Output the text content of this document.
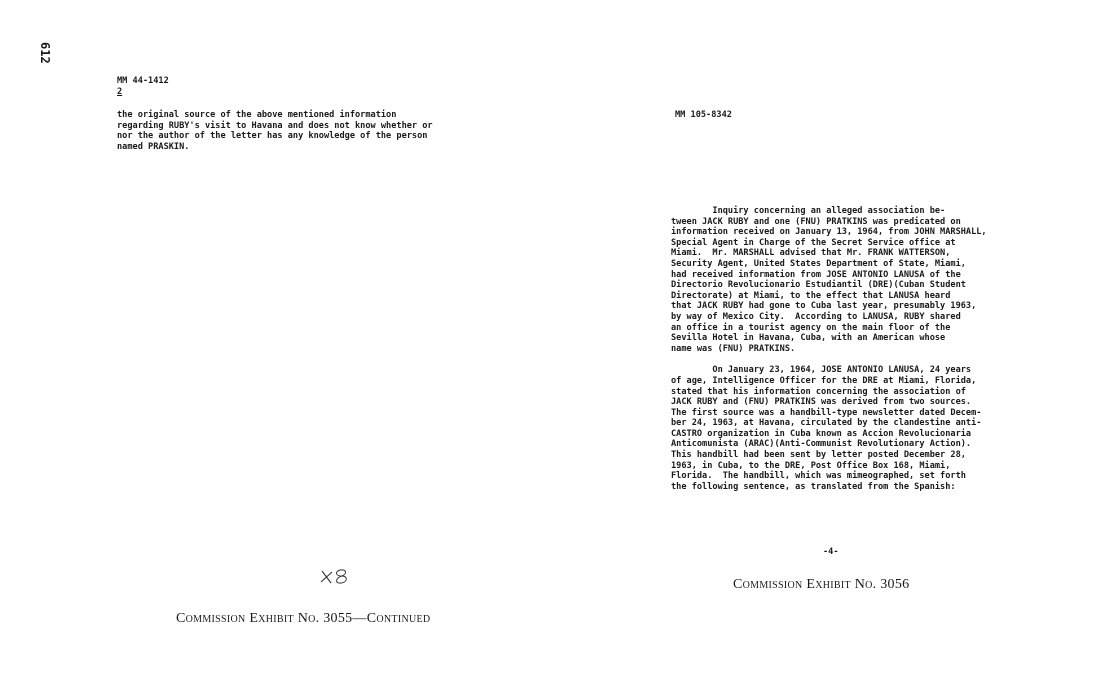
612
MM 44-1412
2
the original source of the above mentioned information
regarding RUBY's visit to Havana and does not know whether or
nor the author of the letter has any knowledge of the person
named PRASKIN.
Commission Exhibit No. 3055—Continued
MM 105-8342

Inquiry concerning an alleged association be-
tween JACK RUBY and one (FNU) PRATKINS was predicated on
information received on January 13, 1964, from JOHN MARSHALL,
Special Agent in Charge of the Secret Service office at
Miami.  Mr. MARSHALL advised that Mr. FRANK WATTERSON,
Security Agent, United States Department of State, Miami,
had received information from JOSE ANTONIO LANUSA of the
Directorio Revolucionario Estudiantil (DRE)(Cuban Student
Directorate) at Miami, to the effect that LANUSA heard
that JACK RUBY had gone to Cuba last year, presumably 1963,
by way of Mexico City.  According to LANUSA, RUBY shared
an office in a tourist agency on the main floor of the
Sevilla Hotel in Havana, Cuba, with an American whose
name was (FNU) PRATKINS.

On January 23, 1964, JOSE ANTONIO LANUSA, 24 years
of age, Intelligence Officer for the DRE at Miami, Florida,
stated that his information concerning the association of
JACK RUBY and (FNU) PRATKINS was derived from two sources.
The first source was a handbill-type newsletter dated Decem-
ber 24, 1963, at Havana, circulated by the clandestine anti-
CASTRO organization in Cuba known as Accion Revolucionaria
Anticomunista (ARAC)(Anti-Communist Revolutionary Action).
This handbill had been sent by letter posted December 28,
1963, in Cuba, to the DRE, Post Office Box 168, Miami,
Florida.  The handbill, which was mimeographed, set forth
the following sentence, as translated from the Spanish:

-4-
Commission Exhibit No. 3056
